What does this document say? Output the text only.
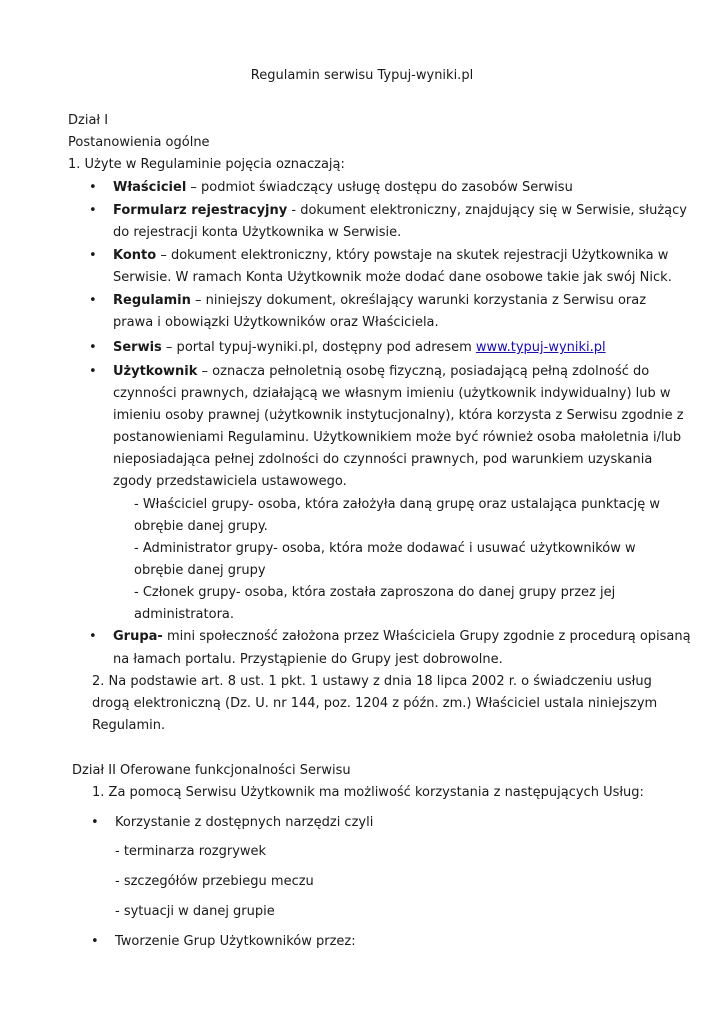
Regulamin serwisu Typuj-wyniki.pl
Dział I
Postanowienia ogólne
1. Użyte w Regulaminie pojęcia oznaczają:
• Właściciel – podmiot świadczący usługę dostępu do zasobów Serwisu
• Formularz rejestracyjny - dokument elektroniczny, znajdujący się w Serwisie, służący
do rejestracji konta Użytkownika w Serwisie.
• Konto – dokument elektroniczny, który powstaje na skutek rejestracji Użytkownika w
Serwisie. W ramach Konta Użytkownik może dodać dane osobowe takie jak swój Nick.
• Regulamin – niniejszy dokument, określający warunki korzystania z Serwisu oraz
prawa i obowiązki Użytkowników oraz Właściciela.
• Serwis – portal typuj-wyniki.pl, dostępny pod adresem www.typuj-wyniki.pl
• Użytkownik – oznacza pełnoletnią osobę fizyczną, posiadającą pełną zdolność do
czynności prawnych, działającą we własnym imieniu (użytkownik indywidualny) lub w
imieniu osoby prawnej (użytkownik instytucjonalny), która korzysta z Serwisu zgodnie z
postanowieniami Regulaminu. Użytkownikiem może być również osoba małoletnia i/lub
nieposiadająca pełnej zdolności do czynności prawnych, pod warunkiem uzyskania
zgody przedstawiciela ustawowego.
- Właściciel grupy- osoba, która założyła daną grupę oraz ustalająca punktację w
obrębie danej grupy.
- Administrator grupy- osoba, która może dodawać i usuwać użytkowników w
obrębie danej grupy
- Członek grupy- osoba, która została zaproszona do danej grupy przez jej
administratora.
• Grupa- mini społeczność założona przez Właściciela Grupy zgodnie z procedurą opisaną
na łamach portalu. Przystąpienie do Grupy jest dobrowolne.
2. Na podstawie art. 8 ust. 1 pkt. 1 ustawy z dnia 18 lipca 2002 r. o świadczeniu usług
drogą elektroniczną (Dz. U. nr 144, poz. 1204 z późn. zm.) Właściciel ustala niniejszym
Regulamin.
Dział II Oferowane funkcjonalności Serwisu
1. Za pomocą Serwisu Użytkownik ma możliwość korzystania z następujących Usług:
• Korzystanie z dostępnych narzędzi czyli
- terminarza rozgrywek
- szczegółów przebiegu meczu
- sytuacji w danej grupie
• Tworzenie Grup Użytkowników przez:
